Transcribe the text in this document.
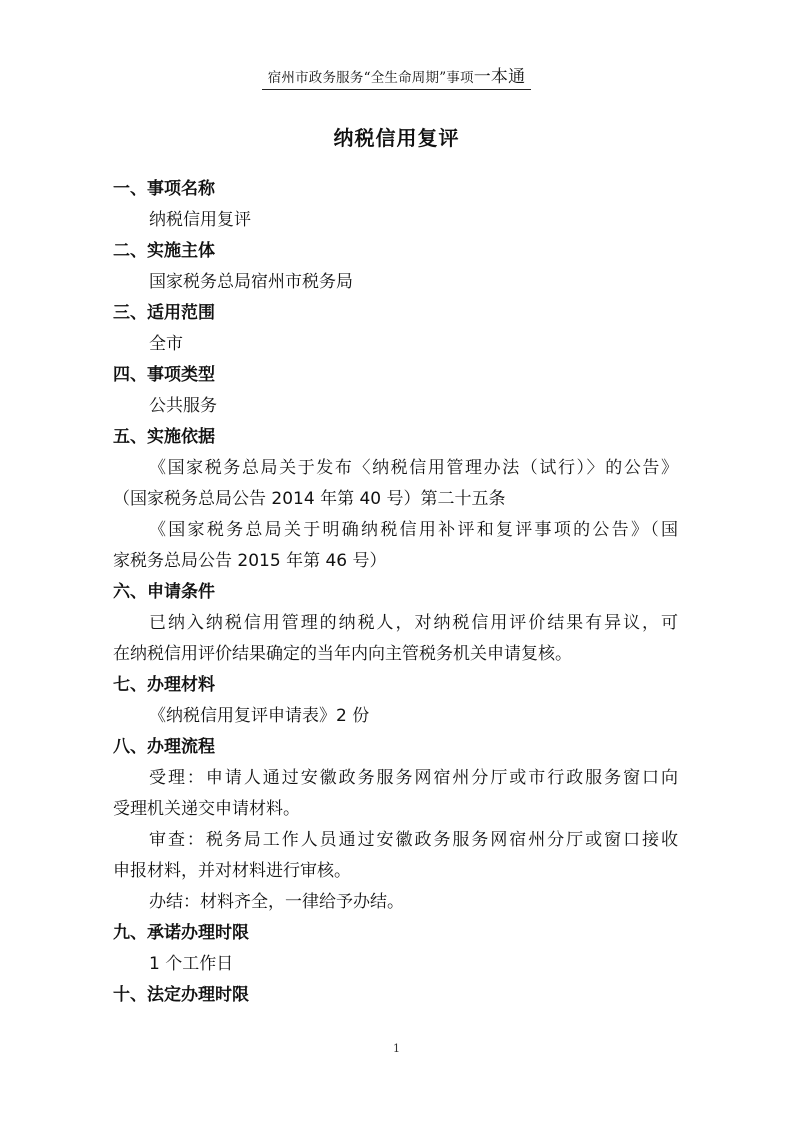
宿州市政务服务“全生命周期”事项一本通
纳税信用复评
一、事项名称
纳税信用复评
二、实施主体
国家税务总局宿州市税务局
三、适用范围
全市
四、事项类型
公共服务
五、实施依据
《国家税务总局关于发布〈纳税信用管理办法（试行）〉的公告》
（国家税务总局公告 2014 年第 40 号）第二十五条
《国家税务总局关于明确纳税信用补评和复评事项的公告》（国
家税务总局公告 2015 年第 46 号）
六、申请条件
已纳入纳税信用管理的纳税人，对纳税信用评价结果有异议，可
在纳税信用评价结果确定的当年内向主管税务机关申请复核。
七、办理材料
《纳税信用复评申请表》2 份
八、办理流程
受理：申请人通过安徽政务服务网宿州分厅或市行政服务窗口向
受理机关递交申请材料。
审查：税务局工作人员通过安徽政务服务网宿州分厅或窗口接收
申报材料，并对材料进行审核。
办结：材料齐全，一律给予办结。
九、承诺办理时限
1 个工作日
十、法定办理时限
1
